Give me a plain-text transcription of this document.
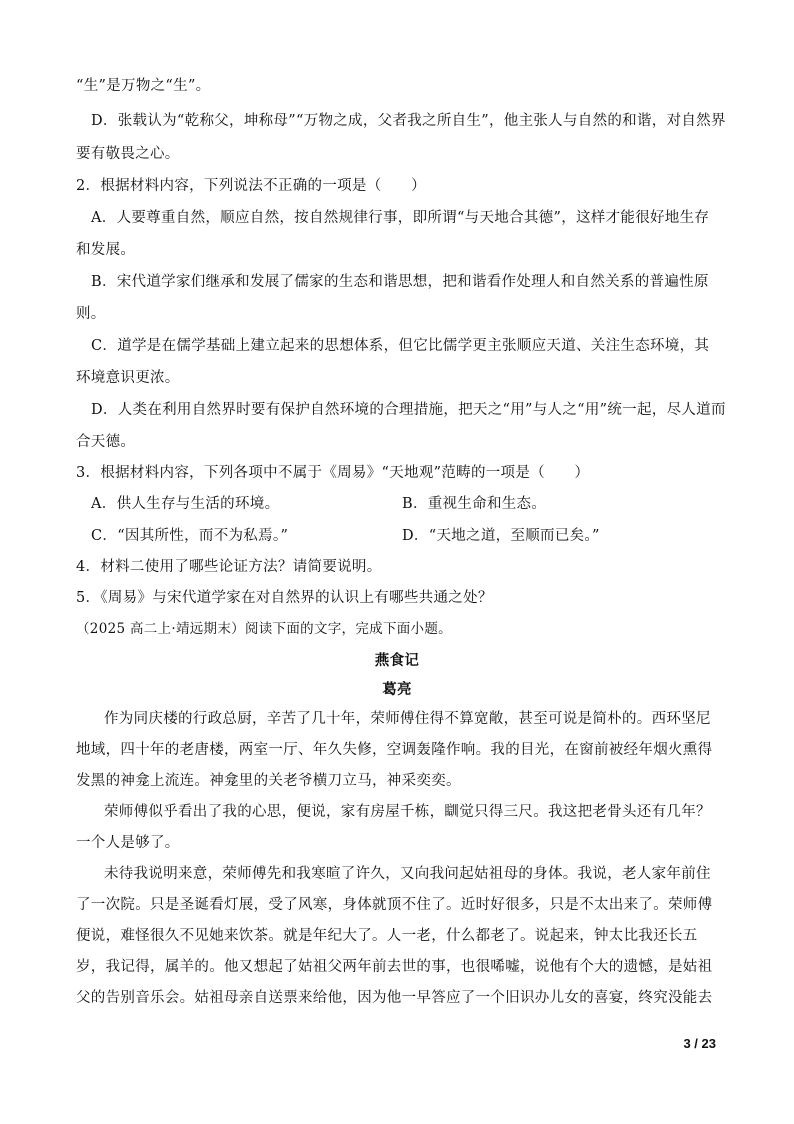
“生”是万物之“生”。
D．张载认为“乾称父，坤称母”“万物之成，父者我之所自生”，他主张人与自然的和谐，对自然界
要有敬畏之心。
2．根据材料内容，下列说法不正确的一项是（　　）
A．人要尊重自然，顺应自然，按自然规律行事，即所谓“与天地合其德”，这样才能很好地生存
和发展。
B．宋代道学家们继承和发展了儒家的生态和谐思想，把和谐看作处理人和自然关系的普遍性原
则。
C．道学是在儒学基础上建立起来的思想体系，但它比儒学更主张顺应天道、关注生态环境，其
环境意识更浓。
D．人类在利用自然界时要有保护自然环境的合理措施，把天之“用”与人之“用”统一起，尽人道而
合天德。
3．根据材料内容，下列各项中不属于《周易》“天地观”范畴的一项是（　　）
A．供人生存与生活的环境。	B．重视生命和生态。
C．“因其所性，而不为私焉。”	D．“天地之道，至顺而已矣。”
4．材料二使用了哪些论证方法？请简要说明。
5．《周易》与宋代道学家在对自然界的认识上有哪些共通之处？
（2025 高二上·靖远期末）阅读下面的文字，完成下面小题。
燕食记
葛亮
作为同庆楼的行政总厨，辛苦了几十年，荣师傅住得不算宽敞，甚至可说是简朴的。西环坚尼
地域，四十年的老唐楼，两室一厅、年久失修，空调轰隆作响。我的目光，在窗前被经年烟火熏得
发黑的神龛上流连。神龛里的关老爷横刀立马，神采奕奕。
荣师傅似乎看出了我的心思，便说，家有房屋千栋，瞓觉只得三尺。我这把老骨头还有几年？
一个人是够了。
未待我说明来意，荣师傅先和我寒暄了许久，又向我问起姑祖母的身体。我说，老人家年前住
了一次院。只是圣诞看灯展，受了风寒，身体就顶不住了。近时好很多，只是不太出来了。荣师傅
便说，难怪很久不见她来饮茶。就是年纪大了。人一老，什么都老了。说起来，钟太比我还长五
岁，我记得，属羊的。他又想起了姑祖父两年前去世的事，也很唏嘘，说他有个大的遗憾，是姑祖
父的告别音乐会。姑祖母亲自送票来给他，因为他一早答应了一个旧识办儿女的喜宴，终究没能去
3 / 23
